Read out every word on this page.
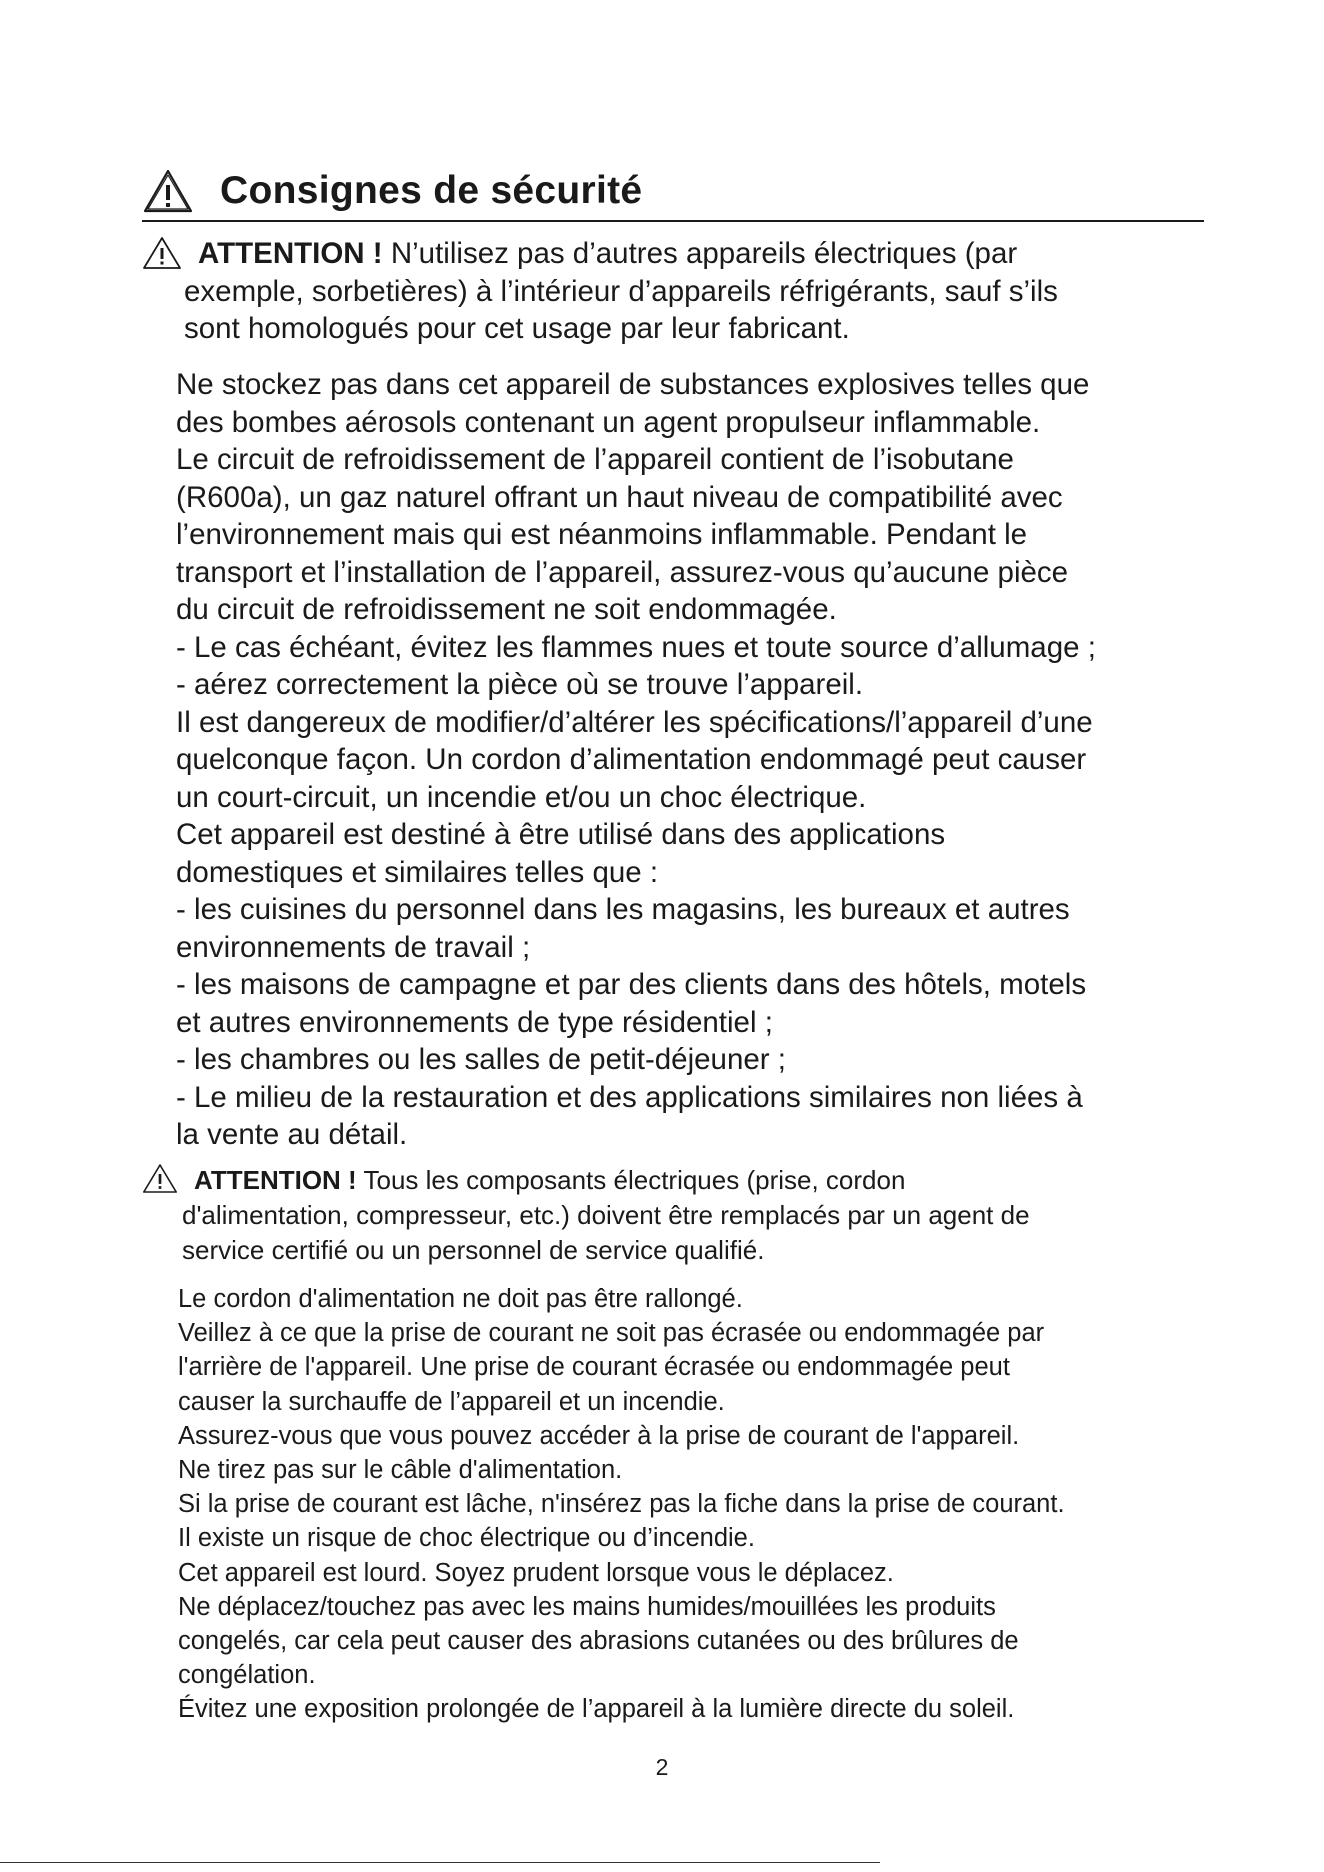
Consignes de sécurité
ATTENTION ! N’utilisez pas d’autres appareils électriques (par
exemple, sorbetières) à l’intérieur d’appareils réfrigérants, sauf s’ils
sont homologués pour cet usage par leur fabricant.
Ne stockez pas dans cet appareil de substances explosives telles que
des bombes aérosols contenant un agent propulseur inflammable.
Le circuit de refroidissement de l’appareil contient de l’isobutane
(R600a), un gaz naturel offrant un haut niveau de compatibilité avec
l’environnement mais qui est néanmoins inflammable. Pendant le
transport et l’installation de l’appareil, assurez-vous qu’aucune pièce
du circuit de refroidissement ne soit endommagée.
- Le cas échéant, évitez les flammes nues et toute source d’allumage ;
- aérez correctement la pièce où se trouve l’appareil.
Il est dangereux de modifier/d’altérer les spécifications/l’appareil d’une
quelconque façon. Un cordon d’alimentation endommagé peut causer
un court-circuit, un incendie et/ou un choc électrique.
Cet appareil est destiné à être utilisé dans des applications
domestiques et similaires telles que :
- les cuisines du personnel dans les magasins, les bureaux et autres
environnements de travail ;
- les maisons de campagne et par des clients dans des hôtels, motels
et autres environnements de type résidentiel ;
- les chambres ou les salles de petit-déjeuner ;
- Le milieu de la restauration et des applications similaires non liées à
la vente au détail.
ATTENTION ! Tous les composants électriques (prise, cordon
d'alimentation, compresseur, etc.) doivent être remplacés par un agent de
service certifié ou un personnel de service qualifié.
Le cordon d'alimentation ne doit pas être rallongé.
Veillez à ce que la prise de courant ne soit pas écrasée ou endommagée par
l'arrière de l'appareil. Une prise de courant écrasée ou endommagée peut
causer la surchauffe de l’appareil et un incendie.
Assurez-vous que vous pouvez accéder à la prise de courant de l'appareil.
Ne tirez pas sur le câble d'alimentation.
Si la prise de courant est lâche, n'insérez pas la fiche dans la prise de courant.
Il existe un risque de choc électrique ou d’incendie.
Cet appareil est lourd. Soyez prudent lorsque vous le déplacez.
Ne déplacez/touchez pas avec les mains humides/mouillées les produits
congelés, car cela peut causer des abrasions cutanées ou des brûlures de
congélation.
Évitez une exposition prolongée de l’appareil à la lumière directe du soleil.
2
